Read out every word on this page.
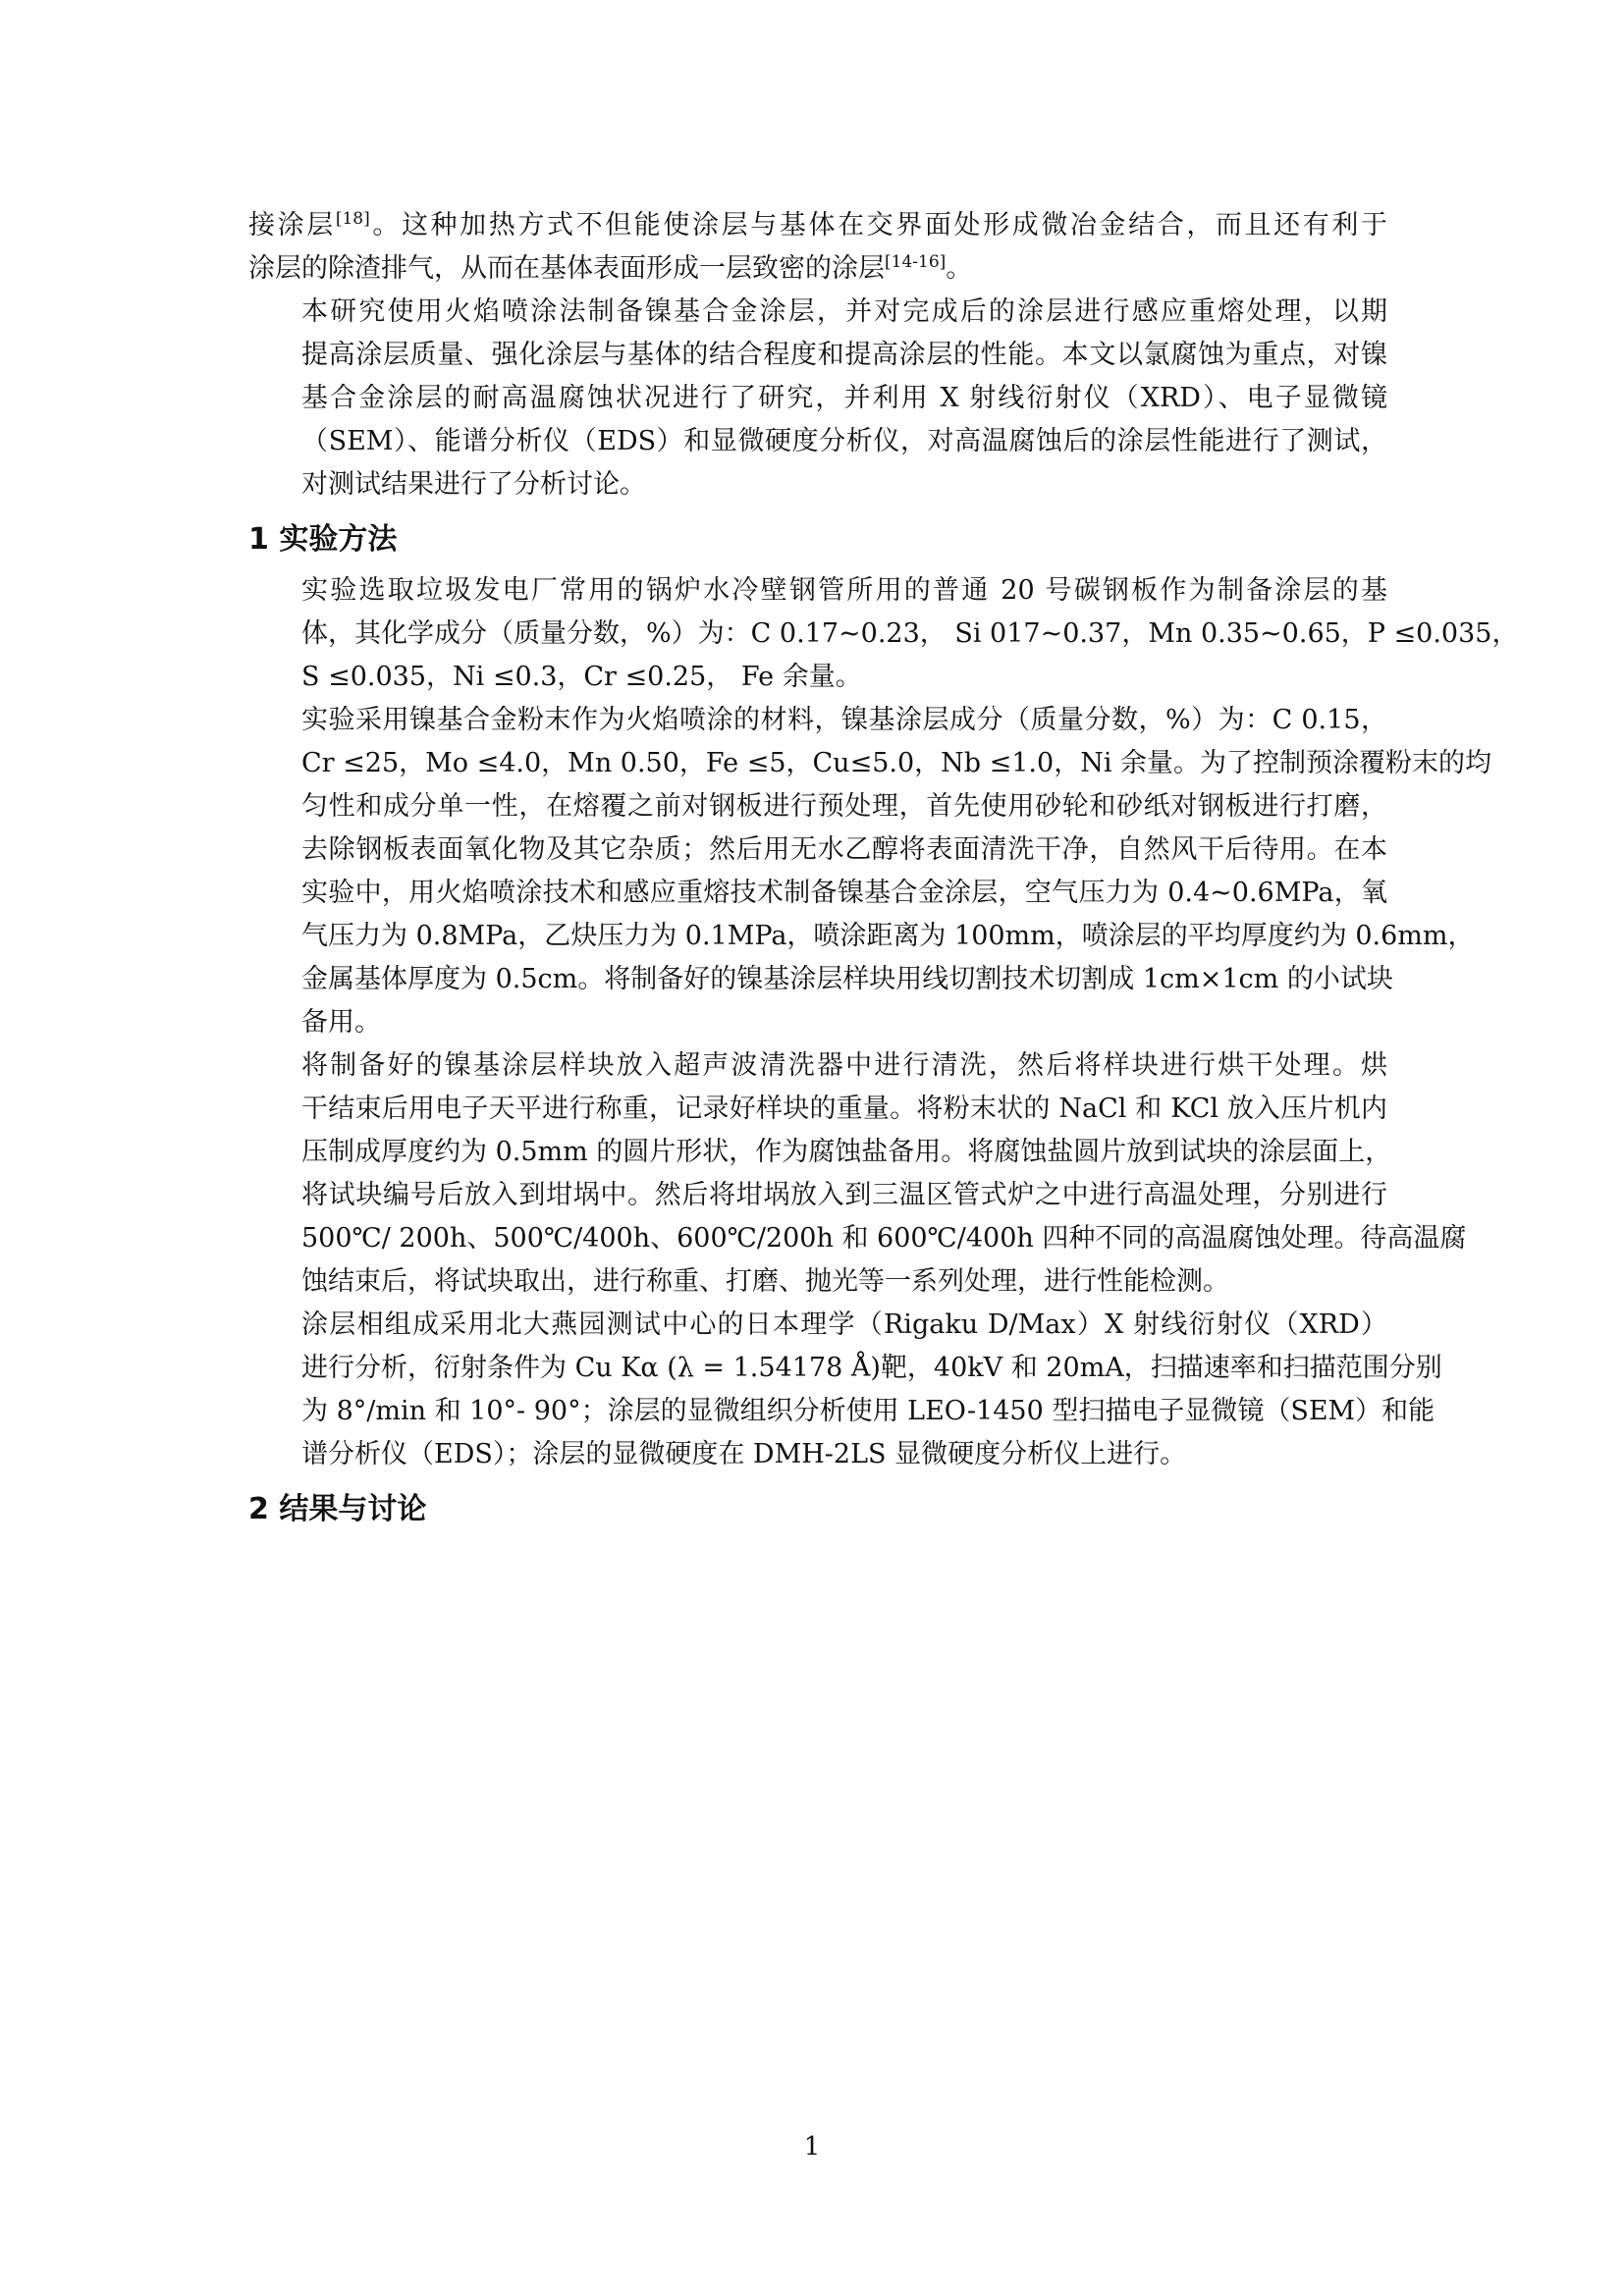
接涂层[18]。这种加热方式不但能使涂层与基体在交界面处形成微冶金结合，而且还有利于
涂层的除渣排气，从而在基体表面形成一层致密的涂层[14-16]。

本研究使用火焰喷涂法制备镍基合金涂层，并对完成后的涂层进行感应重熔处理，以期
提高涂层质量、强化涂层与基体的结合程度和提高涂层的性能。本文以氯腐蚀为重点，对镍
基合金涂层的耐高温腐蚀状况进行了研究，并利用 X 射线衍射仪（XRD）、电子显微镜
（SEM）、能谱分析仪（EDS）和显微硬度分析仪，对高温腐蚀后的涂层性能进行了测试，
对测试结果进行了分析讨论。

1 实验方法

实验选取垃圾发电厂常用的锅炉水冷壁钢管所用的普通 20 号碳钢板作为制备涂层的基
体，其化学成分（质量分数，%）为：C 0.17~0.23， Si 017~0.37，Mn 0.35~0.65，P ≤0.035，
S ≤0.035，Ni ≤0.3，Cr ≤0.25， Fe 余量。

实验采用镍基合金粉末作为火焰喷涂的材料，镍基涂层成分（质量分数，%）为：C 0.15，
Cr ≤25，Mo ≤4.0，Mn 0.50，Fe ≤5，Cu≤5.0，Nb ≤1.0，Ni 余量。为了控制预涂覆粉末的均
匀性和成分单一性，在熔覆之前对钢板进行预处理，首先使用砂轮和砂纸对钢板进行打磨，
去除钢板表面氧化物及其它杂质；然后用无水乙醇将表面清洗干净，自然风干后待用。在本
实验中，用火焰喷涂技术和感应重熔技术制备镍基合金涂层，空气压力为 0.4~0.6MPa，氧
气压力为 0.8MPa，乙炔压力为 0.1MPa，喷涂距离为 100mm，喷涂层的平均厚度约为 0.6mm，
金属基体厚度为 0.5cm。将制备好的镍基涂层样块用线切割技术切割成 1cm×1cm 的小试块
备用。

将制备好的镍基涂层样块放入超声波清洗器中进行清洗，然后将样块进行烘干处理。烘
干结束后用电子天平进行称重，记录好样块的重量。将粉末状的 NaCl 和 KCl 放入压片机内
压制成厚度约为 0.5mm 的圆片形状，作为腐蚀盐备用。将腐蚀盐圆片放到试块的涂层面上，
将试块编号后放入到坩埚中。然后将坩埚放入到三温区管式炉之中进行高温处理，分别进行
500℃/ 200h、500℃/400h、600℃/200h 和 600℃/400h 四种不同的高温腐蚀处理。待高温腐
蚀结束后，将试块取出，进行称重、打磨、抛光等一系列处理，进行性能检测。

涂层相组成采用北大燕园测试中心的日本理学（Rigaku D/Max）X 射线衍射仪（XRD）
进行分析，衍射条件为 Cu Kα (λ = 1.54178 Å)靶，40kV 和 20mA，扫描速率和扫描范围分别
为 8°/min 和 10°- 90°；涂层的显微组织分析使用 LEO-1450 型扫描电子显微镜（SEM）和能
谱分析仪（EDS）；涂层的显微硬度在 DMH-2LS 显微硬度分析仪上进行。

2 结果与讨论
1
